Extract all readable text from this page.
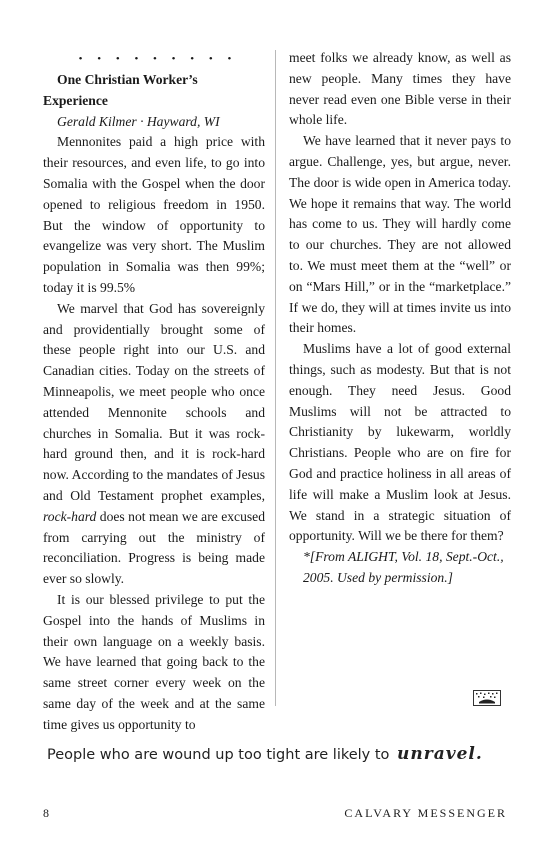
• • • • • • • • •

One Christian Worker’s Experience

Gerald Kilmer · Hayward, WI

Mennonites paid a high price with their resources, and even life, to go into Somalia with the Gospel when the door opened to religious freedom in 1950. But the window of opportunity to evangelize was very short. The Muslim population in Somalia was then 99%; today it is 99.5%

We marvel that God has sovereignly and providentially brought some of these people right into our U.S. and Canadian cities. Today on the streets of Minneapolis, we meet people who once attended Mennonite schools and churches in Somalia. But it was rock-hard ground then, and it is rock-hard now. According to the mandates of Jesus and Old Testament prophet examples, rock-hard does not mean we are excused from carrying out the ministry of reconciliation. Progress is being made ever so slowly.

It is our blessed privilege to put the Gospel into the hands of Muslims in their own language on a weekly basis. We have learned that going back to the same street corner every week on the same day of the week and at the same time gives us opportunity to

meet folks we already know, as well as new people. Many times they have never read even one Bible verse in their whole life.

We have learned that it never pays to argue. Challenge, yes, but argue, never. The door is wide open in America today. We hope it remains that way. The world has come to us. They will hardly come to our churches. They are not allowed to. We must meet them at the “well” or on “Mars Hill,” or in the “marketplace.” If we do, they will at times invite us into their homes.

Muslims have a lot of good external things, such as modesty. But that is not enough. They need Jesus. Good Muslims will not be attracted to Christianity by lukewarm, worldly Christians. People who are on fire for God and practice holiness in all areas of life will make a Muslim look at Jesus. We stand in a strategic situation of opportunity. Will we be there for them?

*[From ALIGHT, Vol. 18, Sept.-Oct., 2005. Used by permission.]

People who are wound up too tight are likely to unravel.
8	CALVARY MESSENGER
